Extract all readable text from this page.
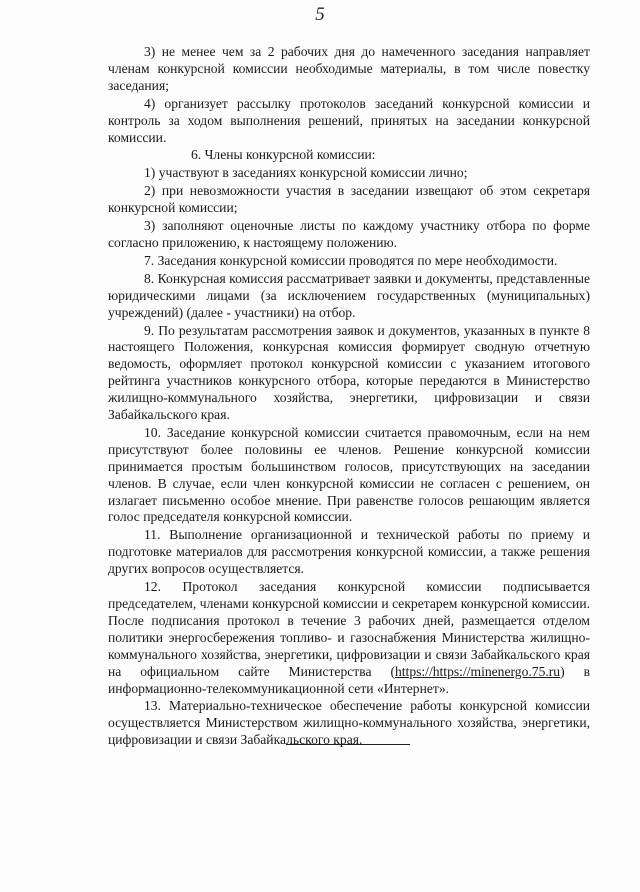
5

3) не менее чем за 2 рабочих дня до намеченного заседания направляет членам конкурсной комиссии необходимые материалы, в том числе повестку заседания;

4) организует рассылку протоколов заседаний конкурсной комиссии и контроль за ходом выполнения решений, принятых на заседании конкурсной комиссии.

6. Члены конкурсной комиссии:

1) участвуют в заседаниях конкурсной комиссии лично;

2) при невозможности участия в заседании извещают об этом секретаря конкурсной комиссии;

3) заполняют оценочные листы по каждому участнику отбора по форме согласно приложению, к настоящему положению.

7. Заседания конкурсной комиссии проводятся по мере необходимости.

8. Конкурсная комиссия рассматривает заявки и документы, представленные юридическими лицами (за исключением государственных (муниципальных) учреждений) (далее - участники) на отбор.

9. По результатам рассмотрения заявок и документов, указанных в пункте 8 настоящего Положения, конкурсная комиссия формирует сводную отчетную ведомость, оформляет протокол конкурсной комиссии с указанием итогового рейтинга участников конкурсного отбора, которые передаются в Министерство жилищно-коммунального хозяйства, энергетики, цифровизации и связи Забайкальского края.

10. Заседание конкурсной комиссии считается правомочным, если на нем присутствуют более половины ее членов. Решение конкурсной комиссии принимается простым большинством голосов, присутствующих на заседании членов. В случае, если член конкурсной комиссии не согласен с решением, он излагает письменно особое мнение. При равенстве голосов решающим является голос председателя конкурсной комиссии.

11. Выполнение организационной и технической работы по приему и подготовке материалов для рассмотрения конкурсной комиссии, а также решения других вопросов осуществляется.

12. Протокол заседания конкурсной комиссии подписывается председателем, членами конкурсной комиссии и секретарем конкурсной комиссии. После подписания протокол в течение 3 рабочих дней, размещается отделом политики энергосбережения топливо- и газоснабжения Министерства жилищно-коммунального хозяйства, энергетики, цифровизации и связи Забайкальского края на официальном сайте Министерства (https://https://minenergo.75.ru) в информационно-телекоммуникационной сети «Интернет».

13. Материально-техническое обеспечение работы конкурсной комиссии осуществляется Министерством жилищно-коммунального хозяйства, энергетики, цифровизации и связи Забайкальского края.
